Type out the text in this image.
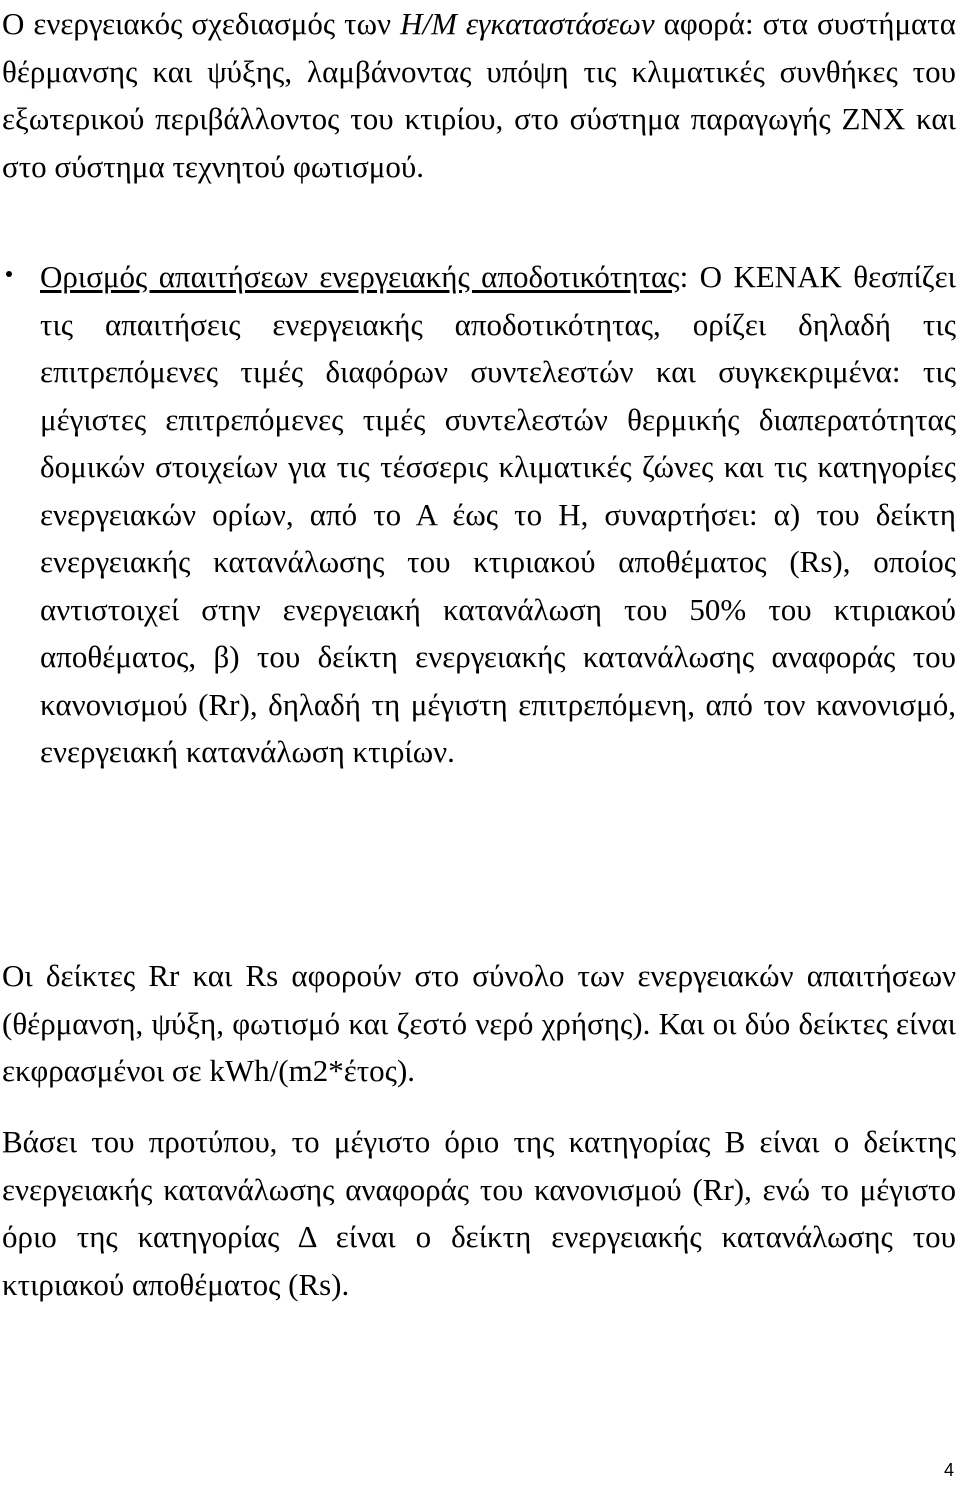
Ο ενεργειακός σχεδιασμός των Η/Μ εγκαταστάσεων αφορά: στα συστήματα θέρμανσης και ψύξης, λαμβάνοντας υπόψη τις κλιματικές συνθήκες του εξωτερικού περιβάλλοντος του κτιρίου, στο σύστημα παραγωγής ΖΝΧ και στο σύστημα τεχνητού φωτισμού.

Ορισμός απαιτήσεων ενεργειακής αποδοτικότητας: Ο ΚΕΝΑΚ θεσπίζει τις απαιτήσεις ενεργειακής αποδοτικότητας, ορίζει δηλαδή τις επιτρεπόμενες τιμές διαφόρων συντελεστών και συγκεκριμένα: τις μέγιστες επιτρεπόμενες τιμές συντελεστών θερμικής διαπερατότητας δομικών στοιχείων για τις τέσσερις κλιματικές ζώνες και τις κατηγορίες ενεργειακών ορίων, από το Α έως το Η, συναρτήσει: α) του δείκτη ενεργειακής κατανάλωσης του κτιριακού αποθέματος (Rs), οποίος αντιστοιχεί στην ενεργειακή κατανάλωση του 50% του κτιριακού αποθέματος, β) του δείκτη ενεργειακής κατανάλωσης αναφοράς του κανονισμού (Rr), δηλαδή τη μέγιστη επιτρεπόμενη, από τον κανονισμό, ενεργειακή κατανάλωση κτιρίων.

Οι δείκτες Rr και Rs αφορούν στο σύνολο των ενεργειακών απαιτήσεων (θέρμανση, ψύξη, φωτισμό και ζεστό νερό χρήσης). Και οι δύο δείκτες είναι εκφρασμένοι σε kWh/(m2*έτος).

Βάσει του προτύπου, το μέγιστο όριο της κατηγορίας Β είναι ο δείκτης ενεργειακής κατανάλωσης αναφοράς του κανονισμού (Rr), ενώ το μέγιστο όριο της κατηγορίας Δ είναι ο δείκτη ενεργειακής κατανάλωσης του κτιριακού αποθέματος (Rs).

4
